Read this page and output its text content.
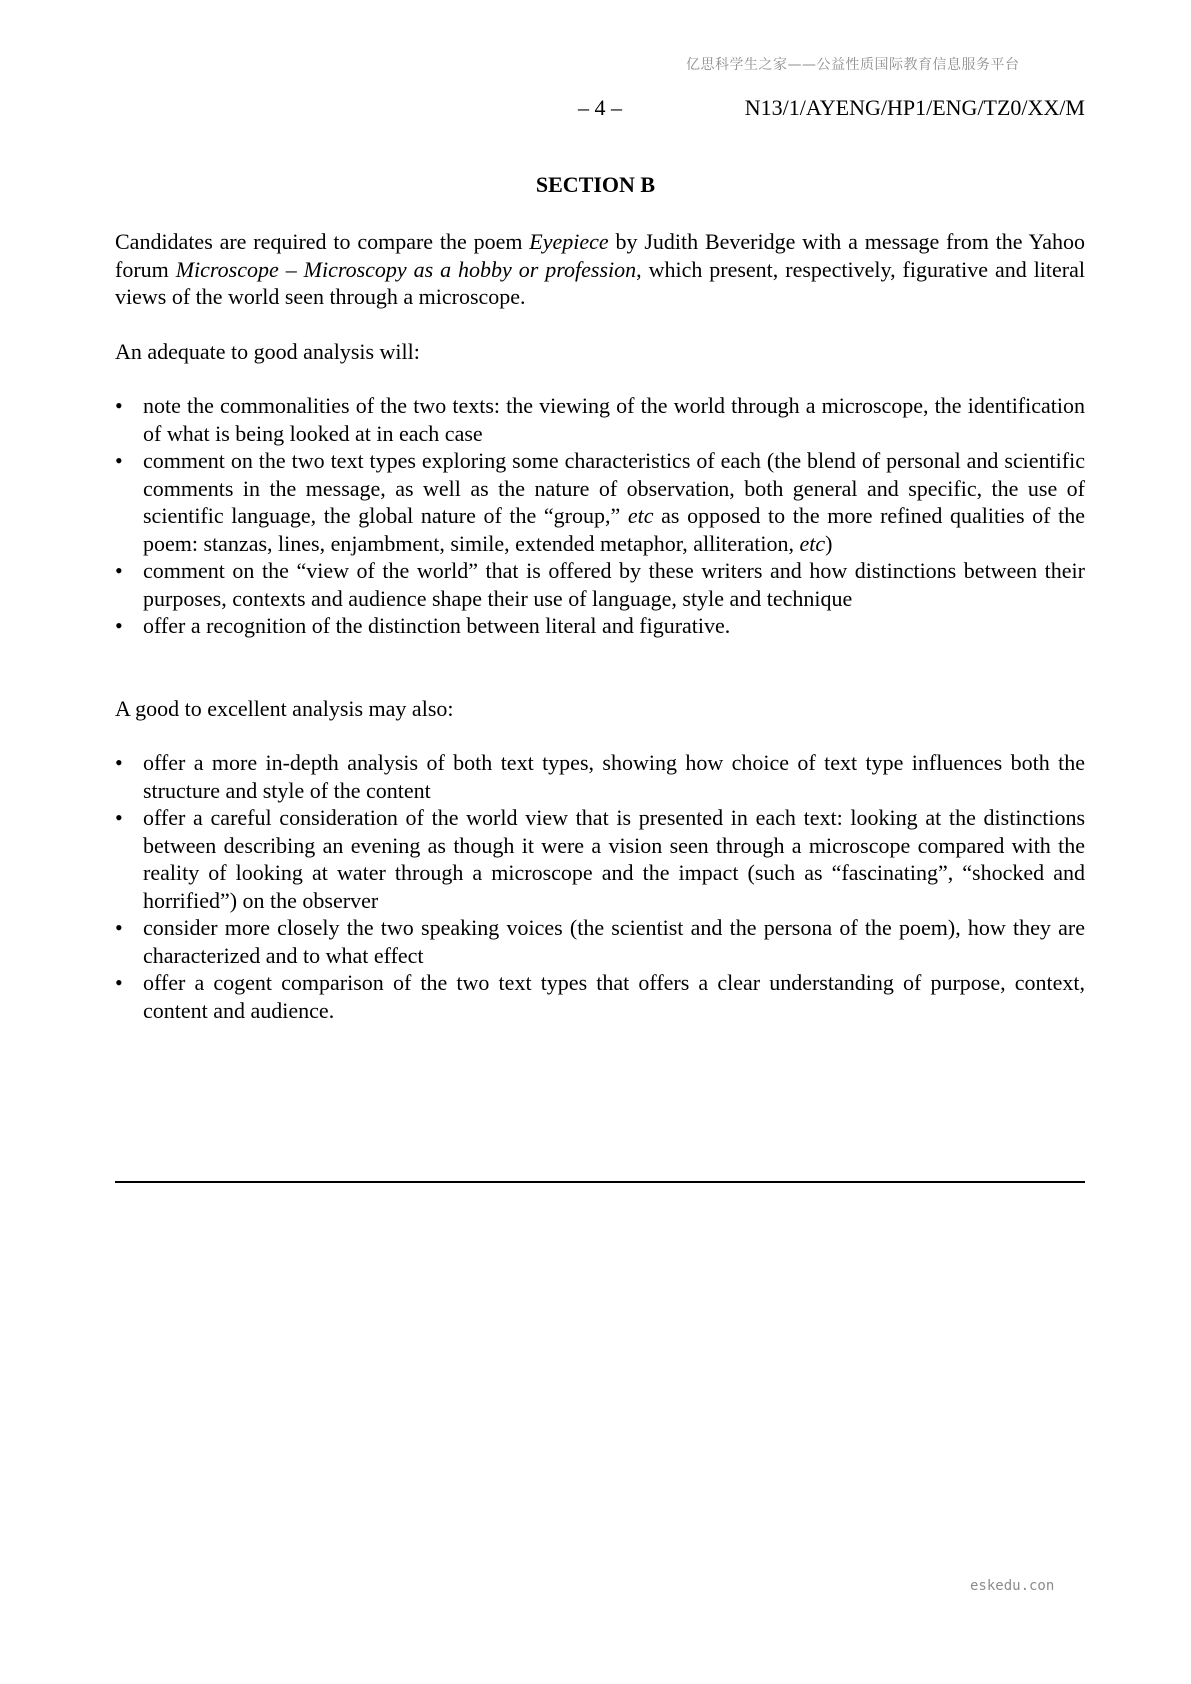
亿思科学生之家——公益性质国际教育信息服务平台
– 4 –	N13/1/AYENG/HP1/ENG/TZ0/XX/M
SECTION B

Candidates are required to compare the poem Eyepiece by Judith Beveridge with a message from the Yahoo forum Microscope – Microscopy as a hobby or profession, which present, respectively, figurative and literal views of the world seen through a microscope.

An adequate to good analysis will:

• note the commonalities of the two texts: the viewing of the world through a microscope, the identification of what is being looked at in each case
• comment on the two text types exploring some characteristics of each (the blend of personal and scientific comments in the message, as well as the nature of observation, both general and specific, the use of scientific language, the global nature of the “group,” etc as opposed to the more refined qualities of the poem: stanzas, lines, enjambment, simile, extended metaphor, alliteration, etc)
• comment on the “view of the world” that is offered by these writers and how distinctions between their purposes, contexts and audience shape their use of language, style and technique
• offer a recognition of the distinction between literal and figurative.

A good to excellent analysis may also:

• offer a more in-depth analysis of both text types, showing how choice of text type influences both the structure and style of the content
• offer a careful consideration of the world view that is presented in each text: looking at the distinctions between describing an evening as though it were a vision seen through a microscope compared with the reality of looking at water through a microscope and the impact (such as “fascinating”, “shocked and horrified”) on the observer
• consider more closely the two speaking voices (the scientist and the persona of the poem), how they are characterized and to what effect
• offer a cogent comparison of the two text types that offers a clear understanding of purpose, context, content and audience.
eskedu.con
